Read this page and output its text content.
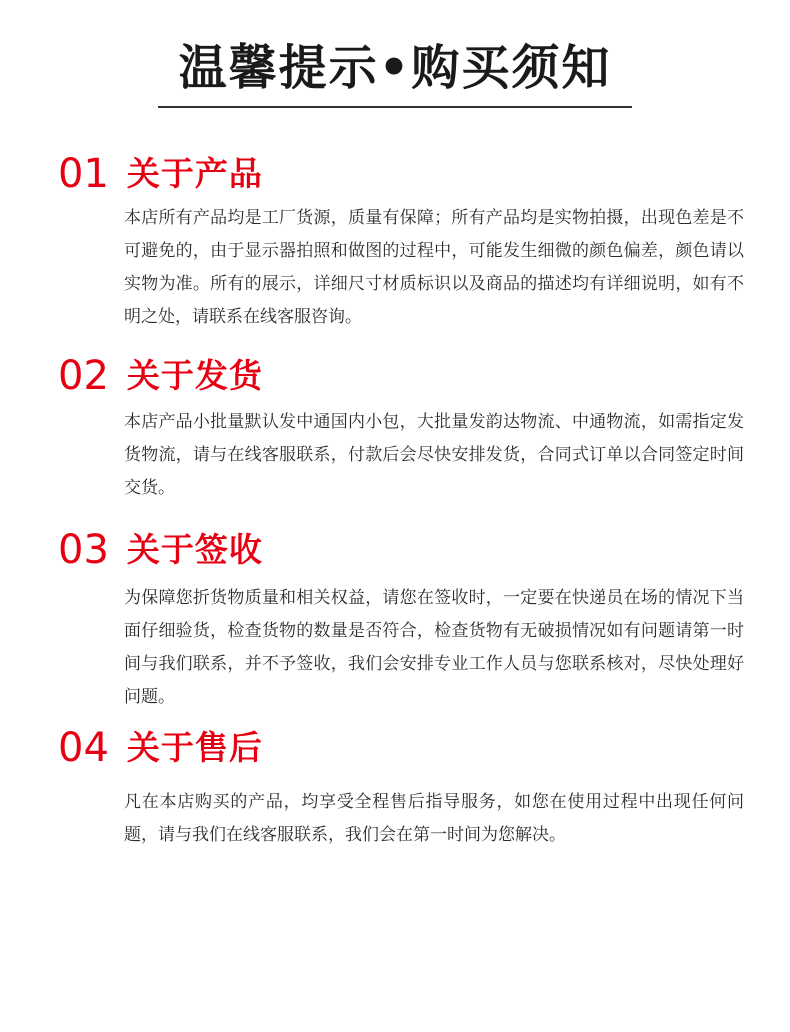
温馨提示•购买须知
01 关于产品

本店所有产品均是工厂货源，质量有保障；所有产品均是实物拍摄，出现色差是不可避免的，由于显示器拍照和做图的过程中，可能发生细微的颜色偏差，颜色请以实物为准。所有的展示，详细尺寸材质标识以及商品的描述均有详细说明，如有不明之处，请联系在线客服咨询。

02 关于发货

本店产品小批量默认发中通国内小包，大批量发韵达物流、中通物流，如需指定发货物流，请与在线客服联系，付款后会尽快安排发货，合同式订单以合同签定时间交货。

03 关于签收

为保障您折货物质量和相关权益，请您在签收时，一定要在快递员在场的情况下当面仔细验货，检查货物的数量是否符合，检查货物有无破损情况如有问题请第一时间与我们联系，并不予签收，我们会安排专业工作人员与您联系核对，尽快处理好问题。

04 关于售后

凡在本店购买的产品，均享受全程售后指导服务，如您在使用过程中出现任何问题，请与我们在线客服联系，我们会在第一时间为您解决。
